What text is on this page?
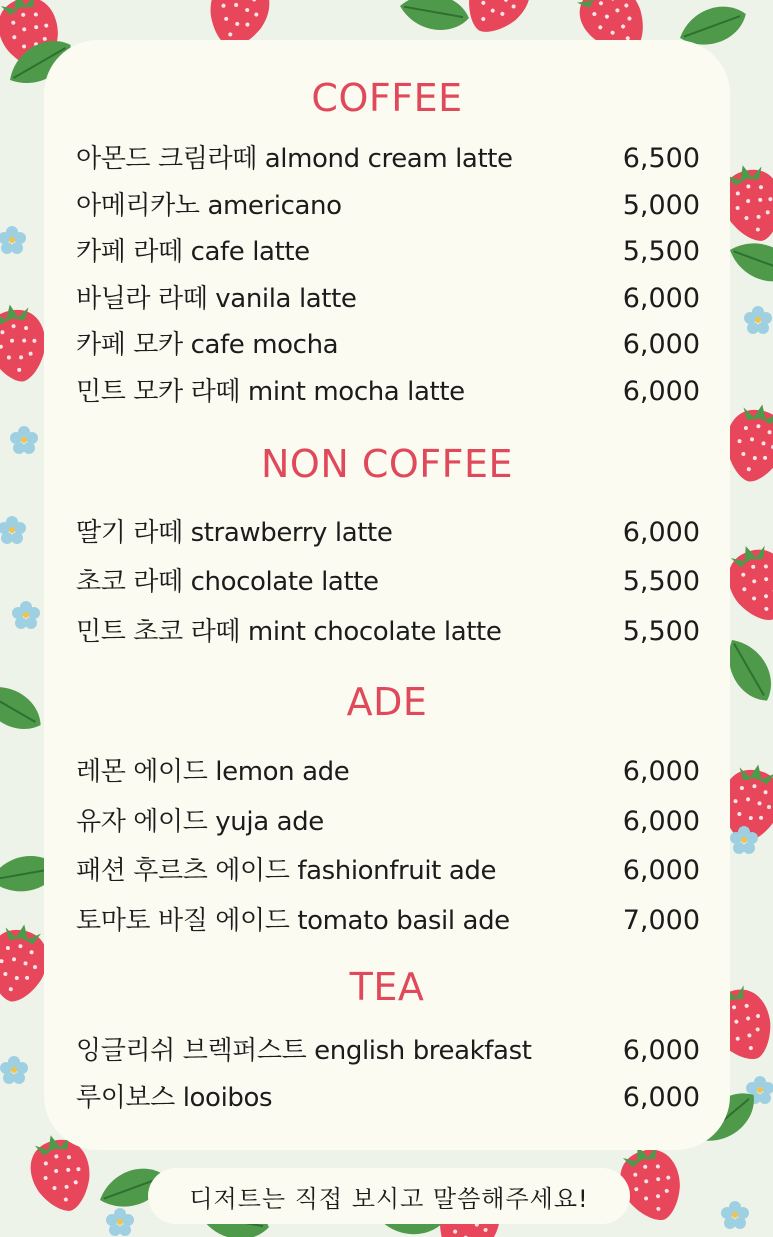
COFFEE
아몬드 크림라떼 almond cream latte	6,500
아메리카노 americano	5,000
카페 라떼 cafe latte	5,500
바닐라 라떼 vanila latte	6,000
카페 모카 cafe mocha	6,000
민트 모카 라떼 mint mocha latte	6,000
NON COFFEE
딸기 라떼 strawberry latte	6,000
초코 라떼 chocolate latte	5,500
민트 초코 라떼 mint chocolate latte	5,500
ADE
레몬 에이드 lemon ade	6,000
유자 에이드 yuja ade	6,000
패션 후르츠 에이드 fashionfruit ade	6,000
토마토 바질 에이드 tomato basil ade	7,000
TEA
잉글리쉬 브렉퍼스트 english breakfast	6,000
루이보스 looibos	6,000
디저트는 직접 보시고 말씀해주세요!
